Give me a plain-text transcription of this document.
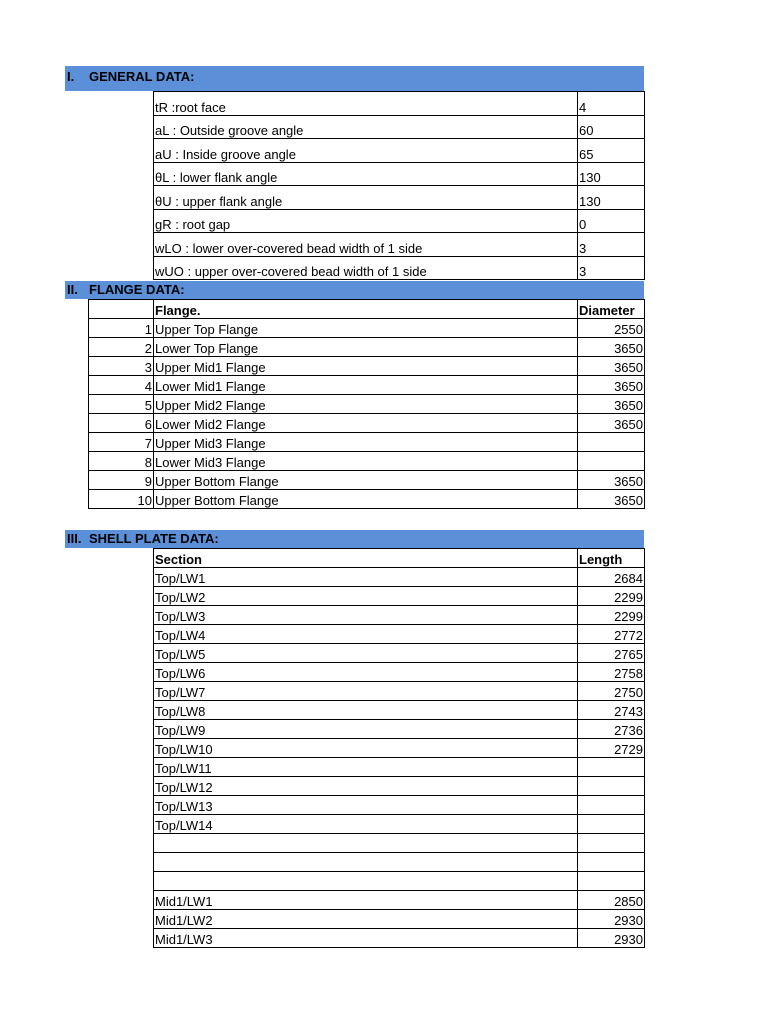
I. GENERAL DATA:
tR :root face	4
aL : Outside groove angle	60
aU : Inside groove angle	65
θL : lower flank angle	130
θU : upper flank angle	130
gR : root gap	0
wLO : lower over-covered bead width of 1 side	3
wUO : upper over-covered bead width of 1 side	3
II. FLANGE DATA:
	Flange.	Diameter
1	Upper Top Flange	2550
2	Lower Top Flange	3650
3	Upper Mid1 Flange	3650
4	Lower Mid1 Flange	3650
5	Upper Mid2 Flange	3650
6	Lower Mid2 Flange	3650
7	Upper Mid3 Flange	
8	Lower Mid3 Flange	
9	Upper Bottom Flange	3650
10	Upper Bottom Flange	3650
III. SHELL PLATE DATA:
Section	Length
Top/LW1	2684
Top/LW2	2299
Top/LW3	2299
Top/LW4	2772
Top/LW5	2765
Top/LW6	2758
Top/LW7	2750
Top/LW8	2743
Top/LW9	2736
Top/LW10	2729
Top/LW11	
Top/LW12	
Top/LW13	
Top/LW14	

Mid1/LW1	2850
Mid1/LW2	2930
Mid1/LW3	2930
